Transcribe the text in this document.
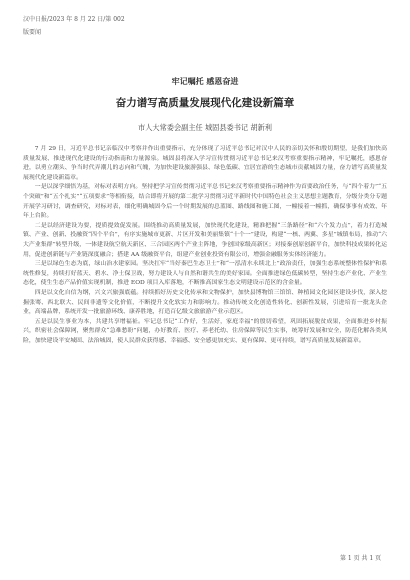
汉中日报/2023 年 8 月 22 日/第 002
版要闻
牢记嘱托 感恩奋进
奋力谱写高质量发展现代化建设新篇章
市人大常委会副主任 城固县委书记 胡新利

7 月 29 日，习近平总书记亲临汉中考察并作出重要指示，充分体现了习近平总书记对汉中人民的亲切关怀和殷切期望，是我们加快高质量发展、推进现代化建设的行动指南和力量源泉。城固县将深入学习宣传贯彻习近平总书记来汉考察重要指示精神，牢记嘱托，感恩奋进，以勇立潮头、争当时代弄潮儿的志向和气魄，为加快建设旅游强县、绿色低碳、宜居宜游的生态城市贡献城固力量，奋力谱写高质量发展现代化建设新篇章。

一是以深学细悟为基，对标对表明方向。坚持把学习宣传贯彻习近平总书记来汉考察重要指示精神作为首要政治任务，与“四个着力”“五个突破”和“五个扎实”“五项要求”等相衔接，结合即将开展的第二批学习贯彻习近平新时代中国特色社会主义思想主题教育，分级分类分专题开展学习研讨，调查研究，对标对表，细化明确城固今后一个时期发展的总蓝图、路线图和施工图，一幢接着一幢抓，确保事事有成效、年年上台阶。

二是以经济建设为要，提质提效促发展。围绕推动高质量发展，加快现代化建设，精准把握“三条路径”和“六个发力点”，着力打造城镇、产业、创新、投融资“四个平台”，有序实施城市更新、片区开发和美丽集镇“十个一”建设，构建“一核、两翼、多星”城镇布局，推动“六大产业集群”转型升级，一体建设航空航天新区、三合园区两个产业主阵地，争创国家级高新区；对接秦创原创新平台，加快科技成果转化运用，促进创新链与产业链深度融合；搭建 AA 级融资平台，组建产业创业投资有限公司，增强金融服务实体经济能力。

三是以绿色生态为底，绿山治水建家园。坚决扛牢“当好秦巴生态卫士”和“一泓清水永续北上”政治责任，加强生态系统整体性保护和系统性修复，持续打好蓝天、碧水、净土保卫战，努力建设人与自然和谐共生的美好家园。全面推进绿色低碳转型，坚持生态产业化、产业生态化，使生生态产品价值实现机制，推进 EOD 项目入库落地，不断推高国家生态文明建设示范区的含金量。

四是以文化自信为纲，兴文兴旅强底蕴。持续抓好历史文化传承和文物保护，加快县博物馆三馆馆、种植园文化园区建设步伐，深入挖掘张骞、西北联大、民间非遗等文化价值，不断提升文化软实力和影响力。推动传统文化创造性转化、创新性发展，引进培育一批龙头企业，高端品牌，系统开发一批旅游环线、康养胜地，打造百亿级文旅旅游产业示范区。

五是以民生事业为本，共建共享增福祉。牢记总书记“工作好，生活好，家庭幸福”的殷切希望，巩固拓展脱贫成果，全面推进乡村振兴，织密社会保障网，聚焦群众“急难愁盼”问题，办好教育、医疗、养老托幼、住房保障等民生实事，统筹好发展和安全，防范化解各类风险，加快建设平安城固、法治城固，使人民群众获得感、幸福感、安全感更加充实、更有保障、更可持续，谱写高质量发展新篇章。

第 1 页 共 1 页
